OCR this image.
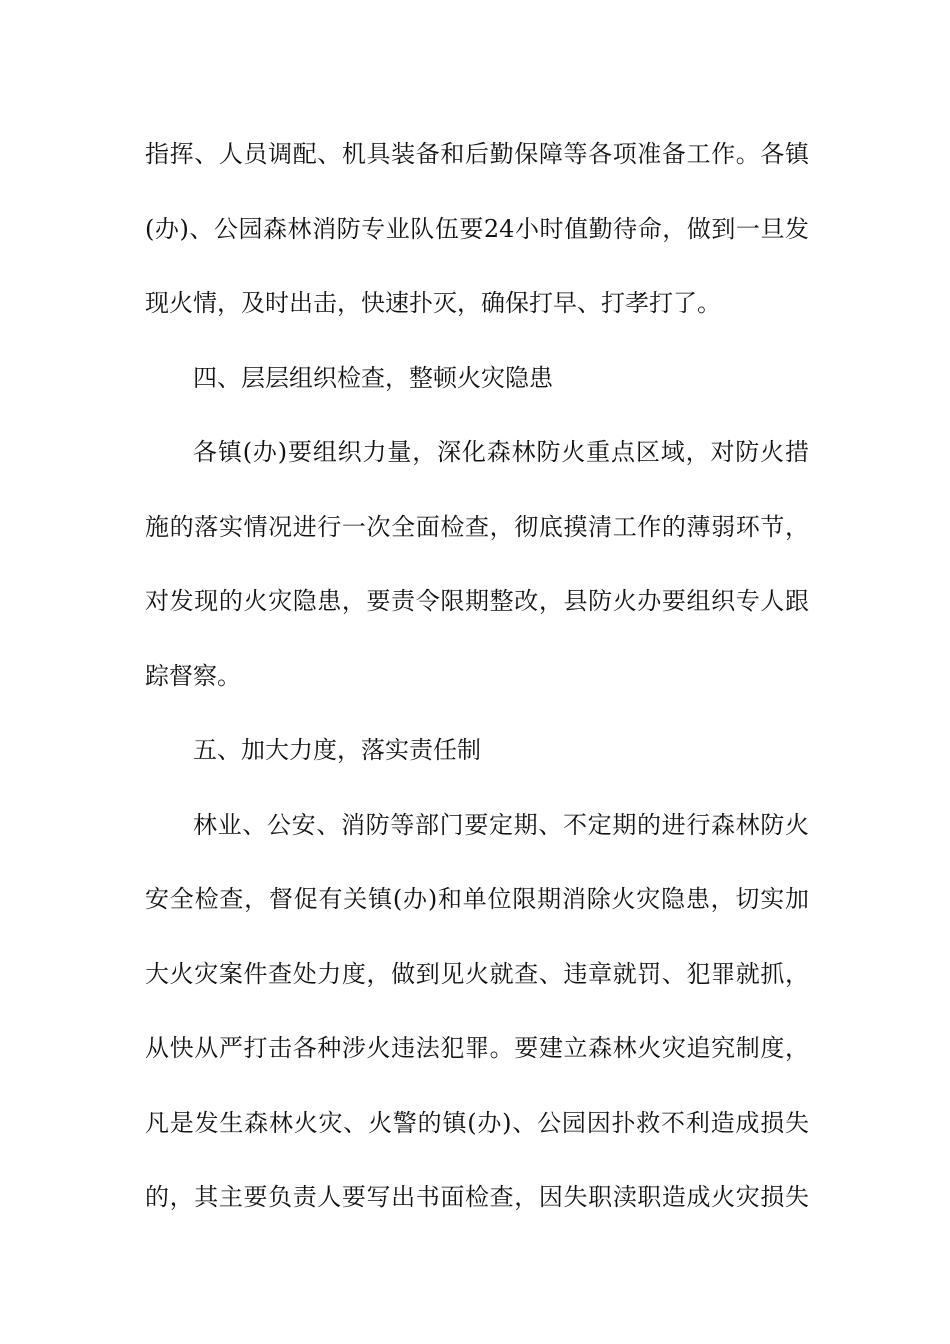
指挥、人员调配、机具装备和后勤保障等各项准备工作。各镇
(办)、公园森林消防专业队伍要24小时值勤待命，做到一旦发
现火情，及时出击，快速扑灭，确保打早、打孝打了。
四、层层组织检查，整顿火灾隐患
各镇(办)要组织力量，深化森林防火重点区域，对防火措
施的落实情况进行一次全面检查，彻底摸清工作的薄弱环节，
对发现的火灾隐患，要责令限期整改，县防火办要组织专人跟
踪督察。
五、加大力度，落实责任制
林业、公安、消防等部门要定期、不定期的进行森林防火
安全检查，督促有关镇(办)和单位限期消除火灾隐患，切实加
大火灾案件查处力度，做到见火就查、违章就罚、犯罪就抓，
从快从严打击各种涉火违法犯罪。要建立森林火灾追究制度，
凡是发生森林火灾、火警的镇(办)、公园因扑救不利造成损失
的，其主要负责人要写出书面检查，因失职渎职造成火灾损失
